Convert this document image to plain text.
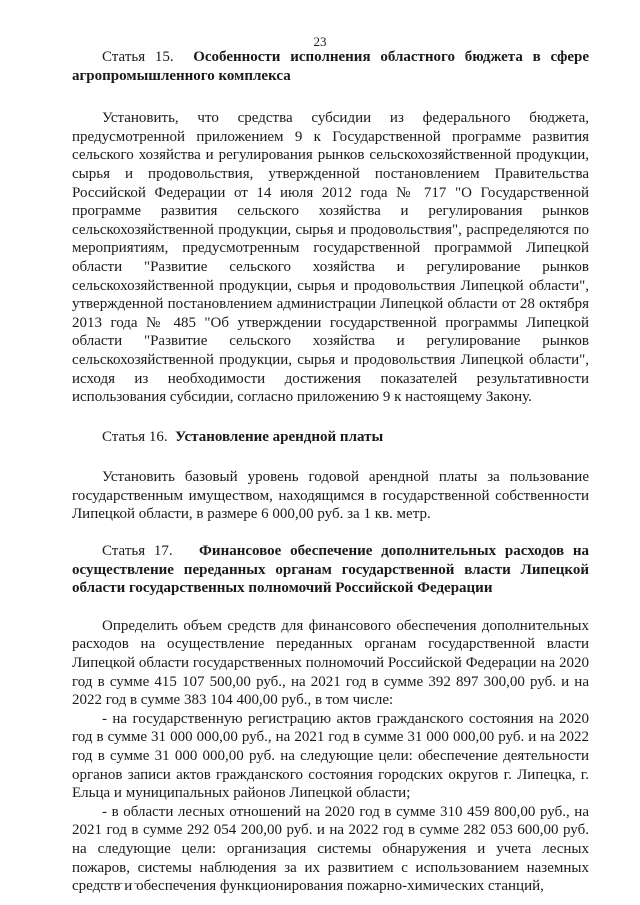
23

Статья 15. Особенности исполнения областного бюджета в сфере агропромышленного комплекса

Установить, что средства субсидии из федерального бюджета, предусмотренной приложением 9 к Государственной программе развития сельского хозяйства и регулирования рынков сельскохозяйственной продукции, сырья и продовольствия, утвержденной постановлением Правительства Российской Федерации от 14 июля 2012 года № 717 "О Государственной программе развития сельского хозяйства и регулирования рынков сельскохозяйственной продукции, сырья и продовольствия", распределяются по мероприятиям, предусмотренным государственной программой Липецкой области "Развитие сельского хозяйства и регулирование рынков сельскохозяйственной продукции, сырья и продовольствия Липецкой области", утвержденной постановлением администрации Липецкой области от 28 октября 2013 года № 485 "Об утверждении государственной программы Липецкой области "Развитие сельского хозяйства и регулирование рынков сельскохозяйственной продукции, сырья и продовольствия Липецкой области", исходя из необходимости достижения показателей результативности использования субсидии, согласно приложению 9 к настоящему Закону.

Статья 16. Установление арендной платы

Установить базовый уровень годовой арендной платы за пользование государственным имуществом, находящимся в государственной собственности Липецкой области, в размере 6 000,00 руб. за 1 кв. метр.

Статья 17. Финансовое обеспечение дополнительных расходов на осуществление переданных органам государственной власти Липецкой области государственных полномочий Российской Федерации

Определить объем средств для финансового обеспечения дополнительных расходов на осуществление переданных органам государственной власти Липецкой области государственных полномочий Российской Федерации на 2020 год в сумме 415 107 500,00 руб., на 2021 год в сумме 392 897 300,00 руб. и на 2022 год в сумме 383 104 400,00 руб., в том числе:

- на государственную регистрацию актов гражданского состояния на 2020 год в сумме 31 000 000,00 руб., на 2021 год в сумме 31 000 000,00 руб. и на 2022 год в сумме 31 000 000,00 руб. на следующие цели: обеспечение деятельности органов записи актов гражданского состояния городских округов г. Липецка, г. Ельца и муниципальных районов Липецкой области;

- в области лесных отношений на 2020 год в сумме 310 459 800,00 руб., на 2021 год в сумме 292 054 200,00 руб. и на 2022 год в сумме 282 053 600,00 руб. на следующие цели: организация системы обнаружения и учета лесных пожаров, системы наблюдения за их развитием с использованием наземных средств и обеспечения функционирования пожарно-химических станций,
